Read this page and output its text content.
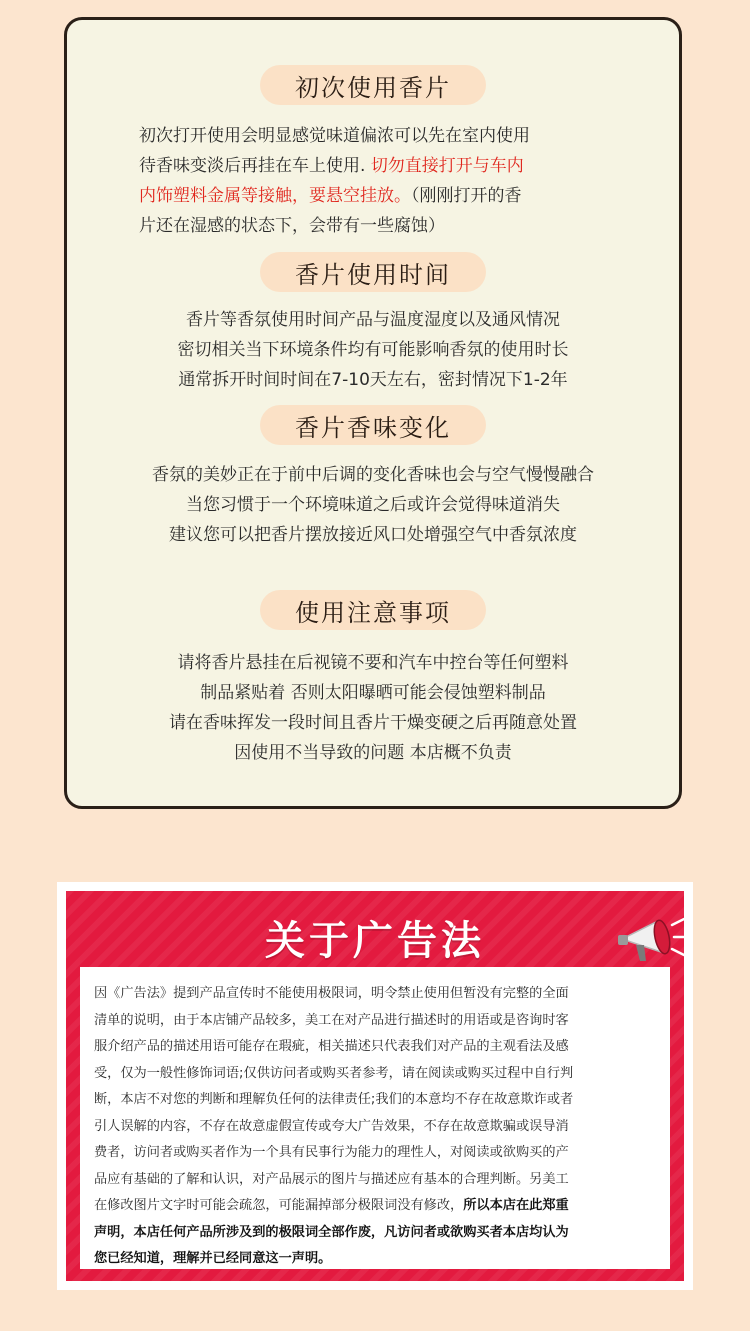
初次使用香片
初次打开使用会明显感觉味道偏浓可以先在室内使用
待香味变淡后再挂在车上使用. 切勿直接打开与车内
内饰塑料金属等接触，要悬空挂放。（刚刚打开的香
片还在湿感的状态下，会带有一些腐蚀）
香片使用时间
香片等香氛使用时间产品与温度湿度以及通风情况
密切相关当下环境条件均有可能影响香氛的使用时长
通常拆开时间时间在7-10天左右，密封情况下1-2年
香片香味变化
香氛的美妙正在于前中后调的变化香味也会与空气慢慢融合
当您习惯于一个环境味道之后或许会觉得味道消失
建议您可以把香片摆放接近风口处增强空气中香氛浓度
使用注意事项
请将香片悬挂在后视镜不要和汽车中控台等任何塑料
制品紧贴着 否则太阳曝晒可能会侵蚀塑料制品
请在香味挥发一段时间且香片干燥变硬之后再随意处置
因使用不当导致的问题 本店概不负责
关于广告法
因《广告法》提到产品宣传时不能使用极限词，明令禁止使用但暂没有完整的全面
清单的说明，由于本店铺产品较多，美工在对产品进行描述时的用语或是咨询时客
服介绍产品的描述用语可能存在瑕疵，相关描述只代表我们对产品的主观看法及感
受，仅为一般性修饰词语;仅供访问者或购买者参考，请在阅读或购买过程中自行判
断，本店不对您的判断和理解负任何的法律责任;我们的本意均不存在故意欺诈或者
引人误解的内容，不存在故意虚假宣传或夸大广告效果，不存在故意欺骗或误导消
费者，访问者或购买者作为一个具有民事行为能力的理性人，对阅读或欲购买的产
品应有基础的了解和认识，对产品展示的图片与描述应有基本的合理判断。另美工
在修改图片文字时可能会疏忽，可能漏掉部分极限词没有修改，所以本店在此郑重
声明，本店任何产品所涉及到的极限词全部作废，凡访问者或欲购买者本店均认为
您已经知道，理解并已经同意这一声明。
